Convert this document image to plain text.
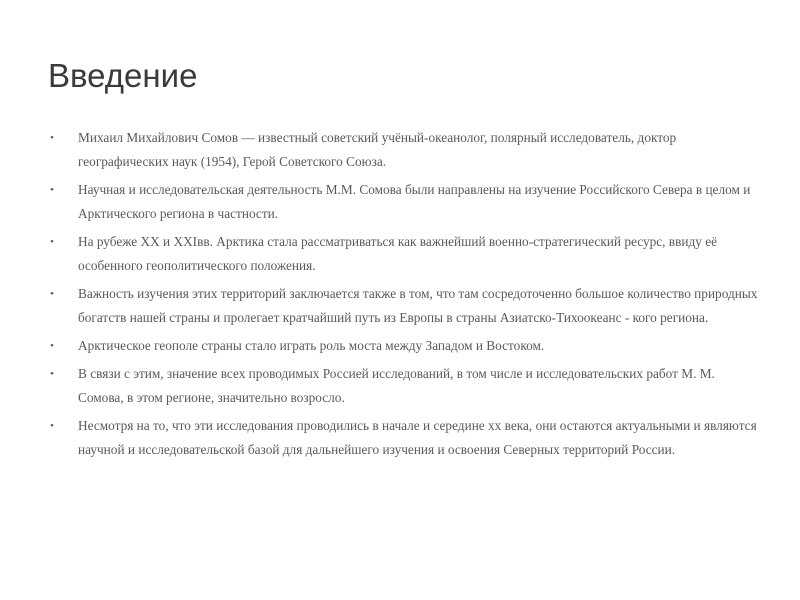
Введение
• Михаил Михайлович Сомов — известный советский учёный-океанолог, полярный исследователь, доктор географических наук (1954), Герой Советского Союза.
• Научная и исследовательская деятельность М.М. Сомова были направлены на изучение Российского Севера в целом и Арктического региона в частности.
• На рубеже XX и XXIвв. Арктика стала рассматриваться как важнейший военно-стратегический ресурс, ввиду её особенного геополитического положения.
• Важность изучения этих территорий заключается также в том, что там сосредоточенно большое количество природных богатств нашей страны и пролегает кратчайший путь из Европы в страны Азиатско-Тихоокеанс - кого региона.
• Арктическое геополе страны стало играть роль моста между Западом и Востоком.
• В связи с этим, значение всех проводимых Россией исследований, в том числе и исследовательских работ М. М. Сомова, в этом регионе, значительно возросло.
• Несмотря на то, что эти исследования проводились в начале и середине хх века, они остаются актуальными и являются научной и исследовательской базой для дальнейшего изучения и освоения Северных территорий России.
